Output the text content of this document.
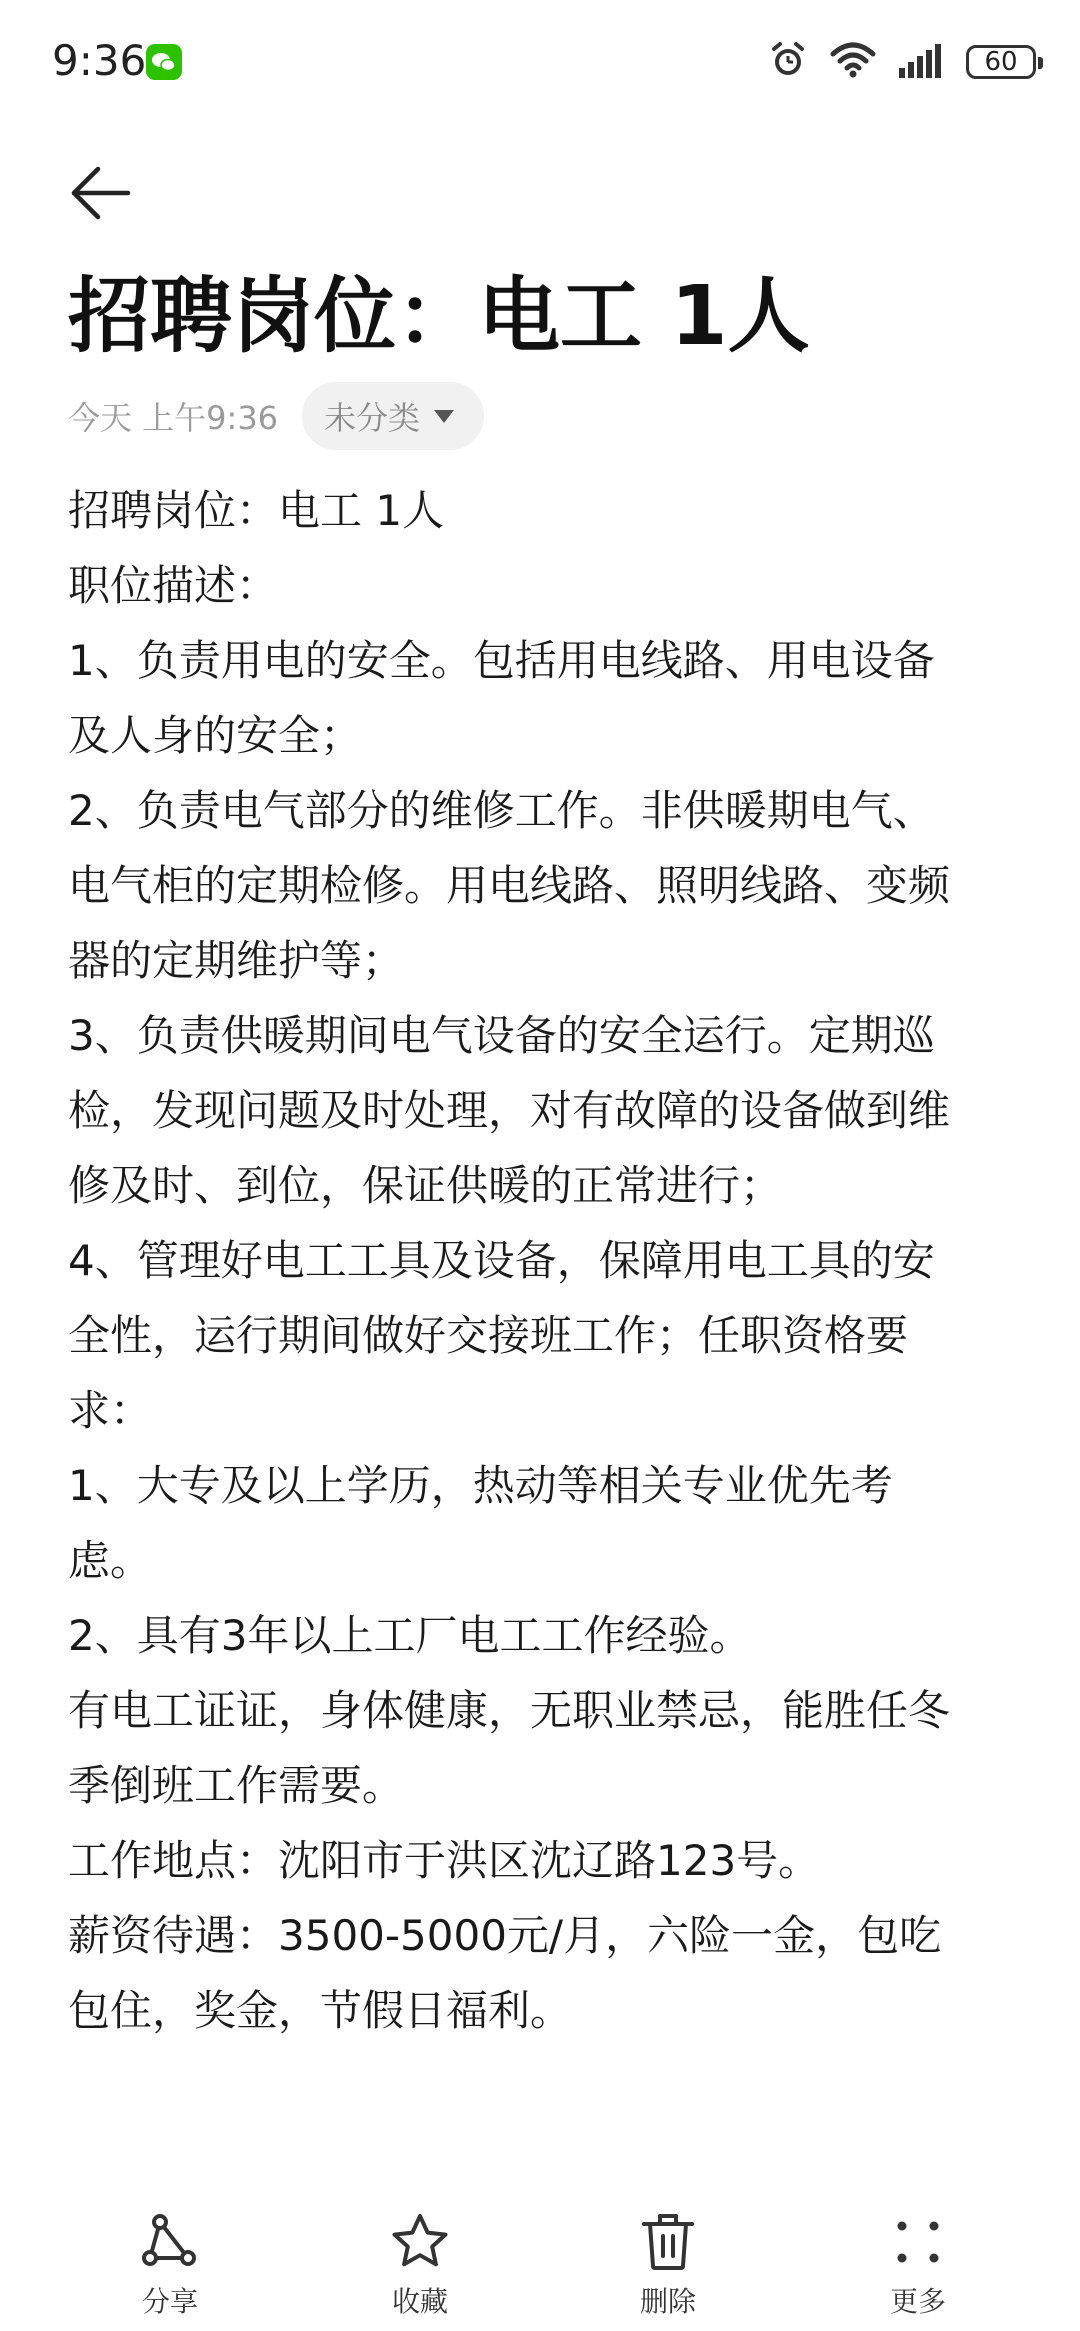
9:36	60
招聘岗位：电工 1人
今天 上午9:36 未分类
招聘岗位：电工 1人
职位描述：
1、负责用电的安全。包括用电线路、用电设备
及人身的安全；
2、负责电气部分的维修工作。非供暖期电气、
电气柜的定期检修。用电线路、照明线路、变频
器的定期维护等；
3、负责供暖期间电气设备的安全运行。定期巡
检，发现问题及时处理，对有故障的设备做到维
修及时、到位，保证供暖的正常进行；
4、管理好电工工具及设备，保障用电工具的安
全性，运行期间做好交接班工作；任职资格要
求：
1、大专及以上学历，热动等相关专业优先考
虑。
2、具有3年以上工厂电工工作经验。
有电工证证，身体健康，无职业禁忌，能胜任冬
季倒班工作需要。
工作地点：沈阳市于洪区沈辽路123号。
薪资待遇：3500-5000元/月，六险一金，包吃
包住，奖金，节假日福利。
分享	收藏	删除	更多
